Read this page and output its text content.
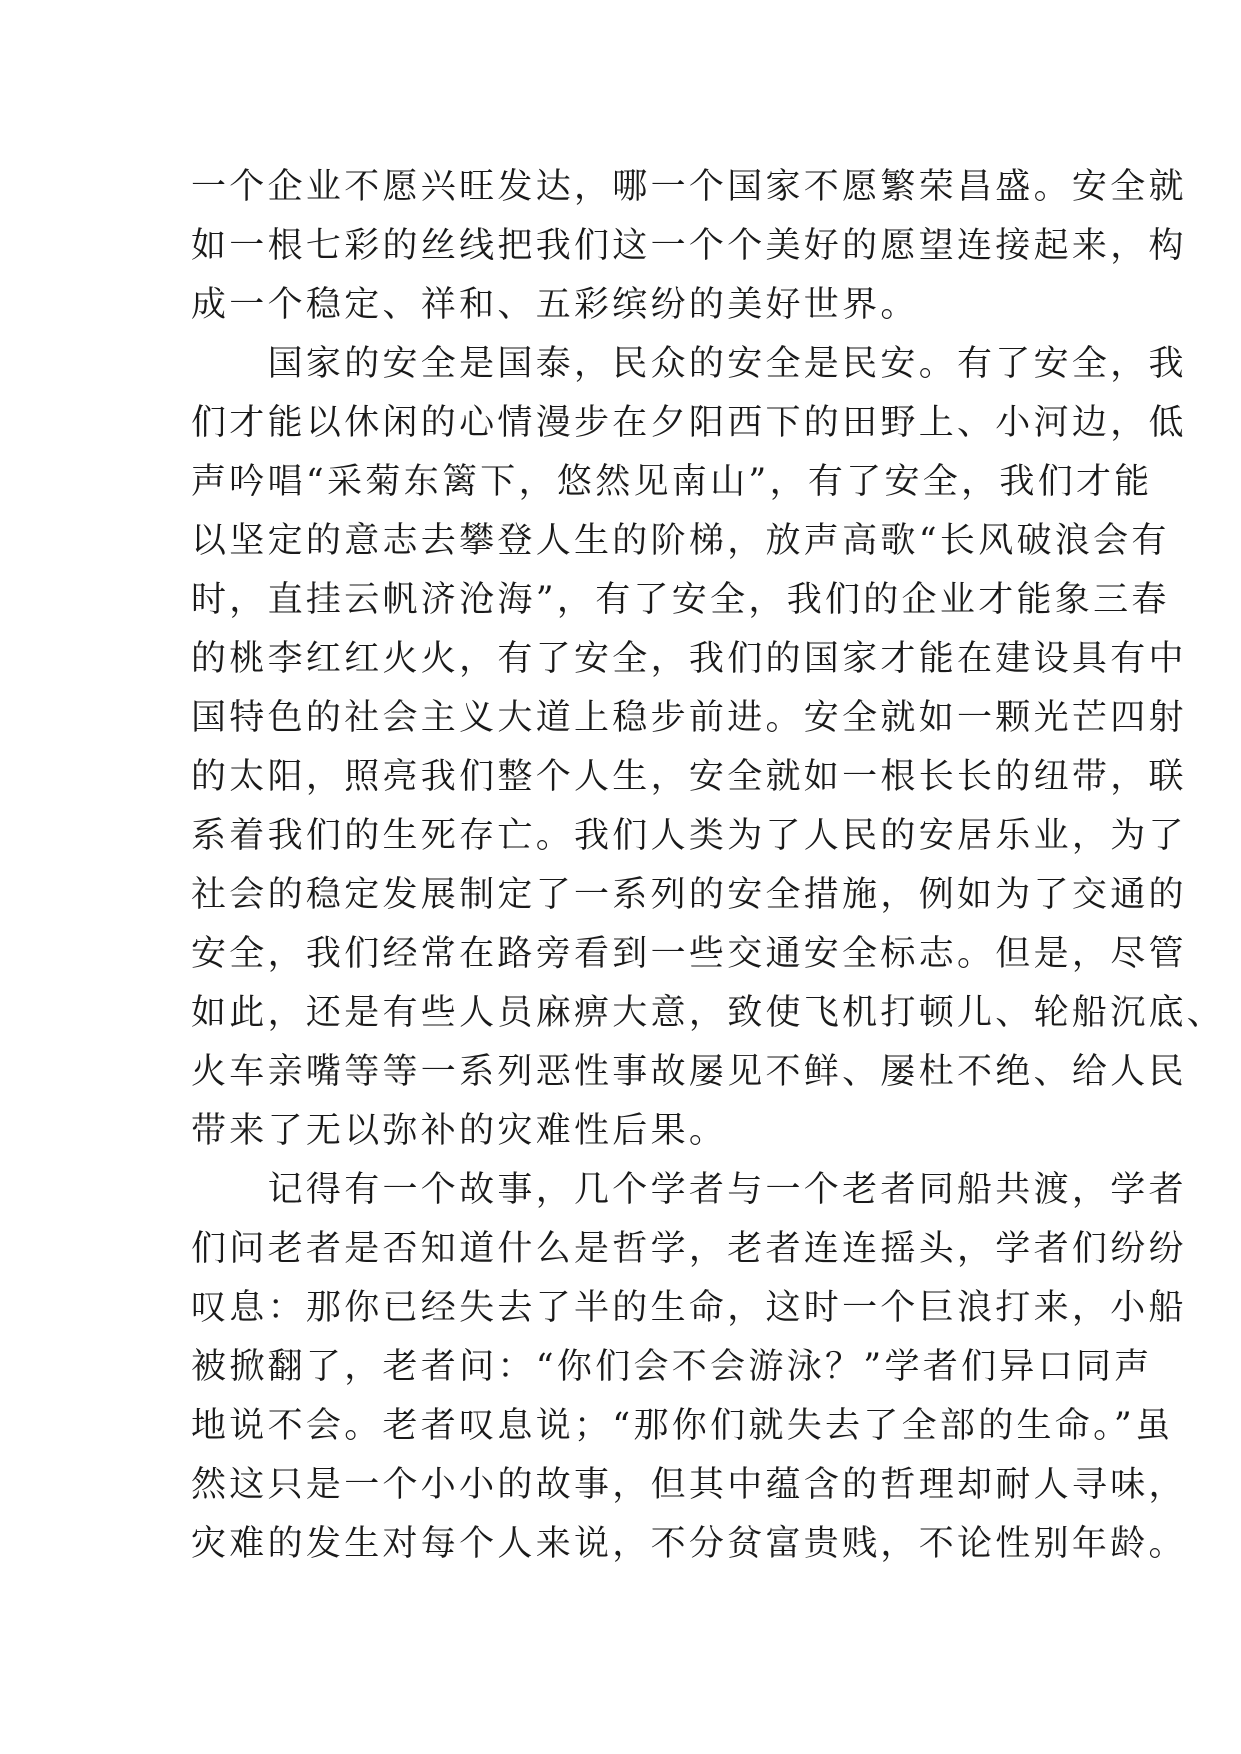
一个企业不愿兴旺发达，哪一个国家不愿繁荣昌盛。安全就
如一根七彩的丝线把我们这一个个美好的愿望连接起来，构
成一个稳定、祥和、五彩缤纷的美好世界。
　　国家的安全是国泰，民众的安全是民安。有了安全，我
们才能以休闲的心情漫步在夕阳西下的田野上、小河边，低
声吟唱“采菊东篱下，悠然见南山”，有了安全，我们才能
以坚定的意志去攀登人生的阶梯，放声高歌“长风破浪会有
时，直挂云帆济沧海”，有了安全，我们的企业才能象三春
的桃李红红火火，有了安全，我们的国家才能在建设具有中
国特色的社会主义大道上稳步前进。安全就如一颗光芒四射
的太阳，照亮我们整个人生，安全就如一根长长的纽带，联
系着我们的生死存亡。我们人类为了人民的安居乐业，为了
社会的稳定发展制定了一系列的安全措施，例如为了交通的
安全，我们经常在路旁看到一些交通安全标志。但是，尽管
如此，还是有些人员麻痹大意，致使飞机打顿儿、轮船沉底、
火车亲嘴等等一系列恶性事故屡见不鲜、屡杜不绝、给人民
带来了无以弥补的灾难性后果。
　　记得有一个故事，几个学者与一个老者同船共渡，学者
们问老者是否知道什么是哲学，老者连连摇头，学者们纷纷
叹息：那你已经失去了半的生命，这时一个巨浪打来，小船
被掀翻了，老者问：“你们会不会游泳？”学者们异口同声
地说不会。老者叹息说；“那你们就失去了全部的生命。”虽
然这只是一个小小的故事，但其中蕴含的哲理却耐人寻味，
灾难的发生对每个人来说，不分贫富贵贱，不论性别年龄。
